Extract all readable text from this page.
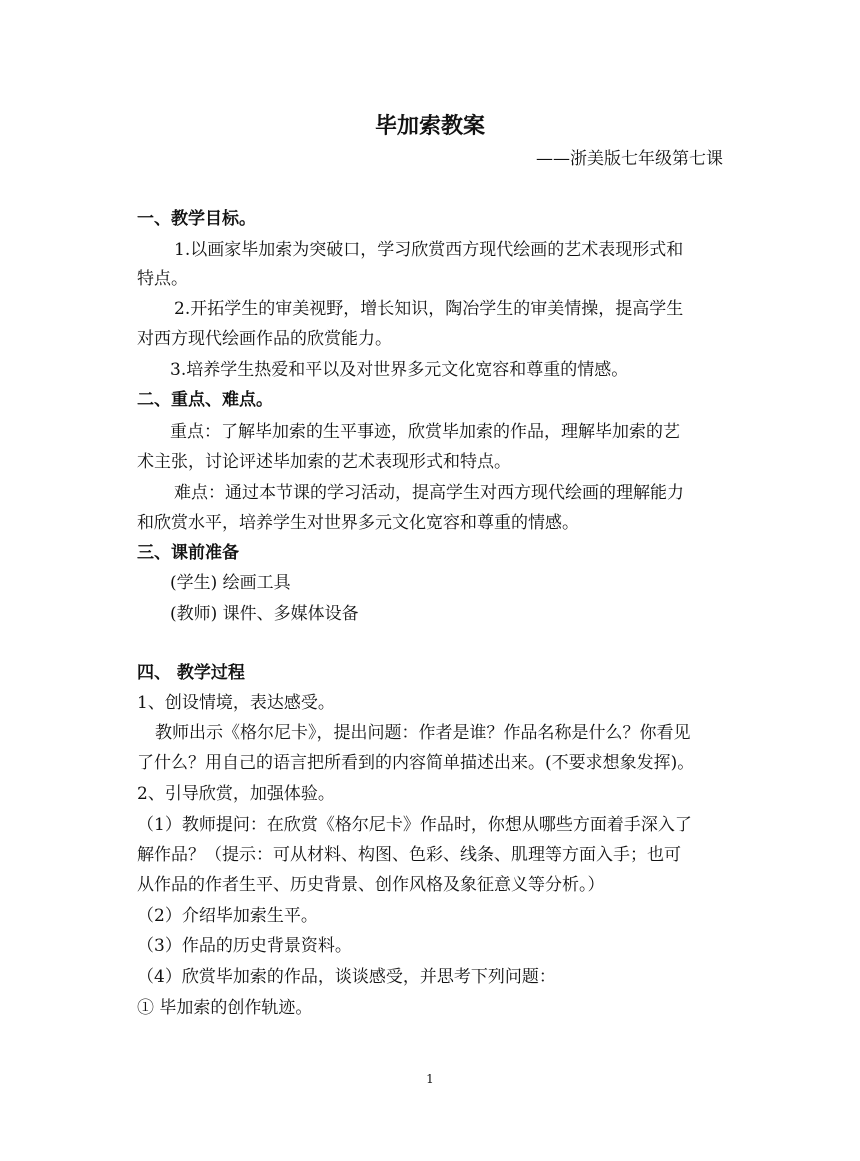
毕加索教案
——浙美版七年级第七课
一、教学目标。
1.以画家毕加索为突破口，学习欣赏西方现代绘画的艺术表现形式和
特点。
2.开拓学生的审美视野，增长知识，陶冶学生的审美情操，提高学生
对西方现代绘画作品的欣赏能力。
3.培养学生热爱和平以及对世界多元文化宽容和尊重的情感。
二、重点、难点。
重点：了解毕加索的生平事迹，欣赏毕加索的作品，理解毕加索的艺
术主张，讨论评述毕加索的艺术表现形式和特点。
难点：通过本节课的学习活动，提高学生对西方现代绘画的理解能力
和欣赏水平，培养学生对世界多元文化宽容和尊重的情感。
三、课前准备
(学生) 绘画工具
(教师) 课件、多媒体设备
四、 教学过程
1、创设情境，表达感受。
教师出示《格尔尼卡》，提出问题：作者是谁？作品名称是什么？你看见
了什么？用自己的语言把所看到的内容简单描述出来。(不要求想象发挥)。
2、引导欣赏，加强体验。
（1）教师提问：在欣赏《格尔尼卡》作品时，你想从哪些方面着手深入了
解作品？（提示：可从材料、构图、色彩、线条、肌理等方面入手；也可
从作品的作者生平、历史背景、创作风格及象征意义等分析。）
（2）介绍毕加索生平。
（3）作品的历史背景资料。
（4）欣赏毕加索的作品，谈谈感受，并思考下列问题：
① 毕加索的创作轨迹。
1
